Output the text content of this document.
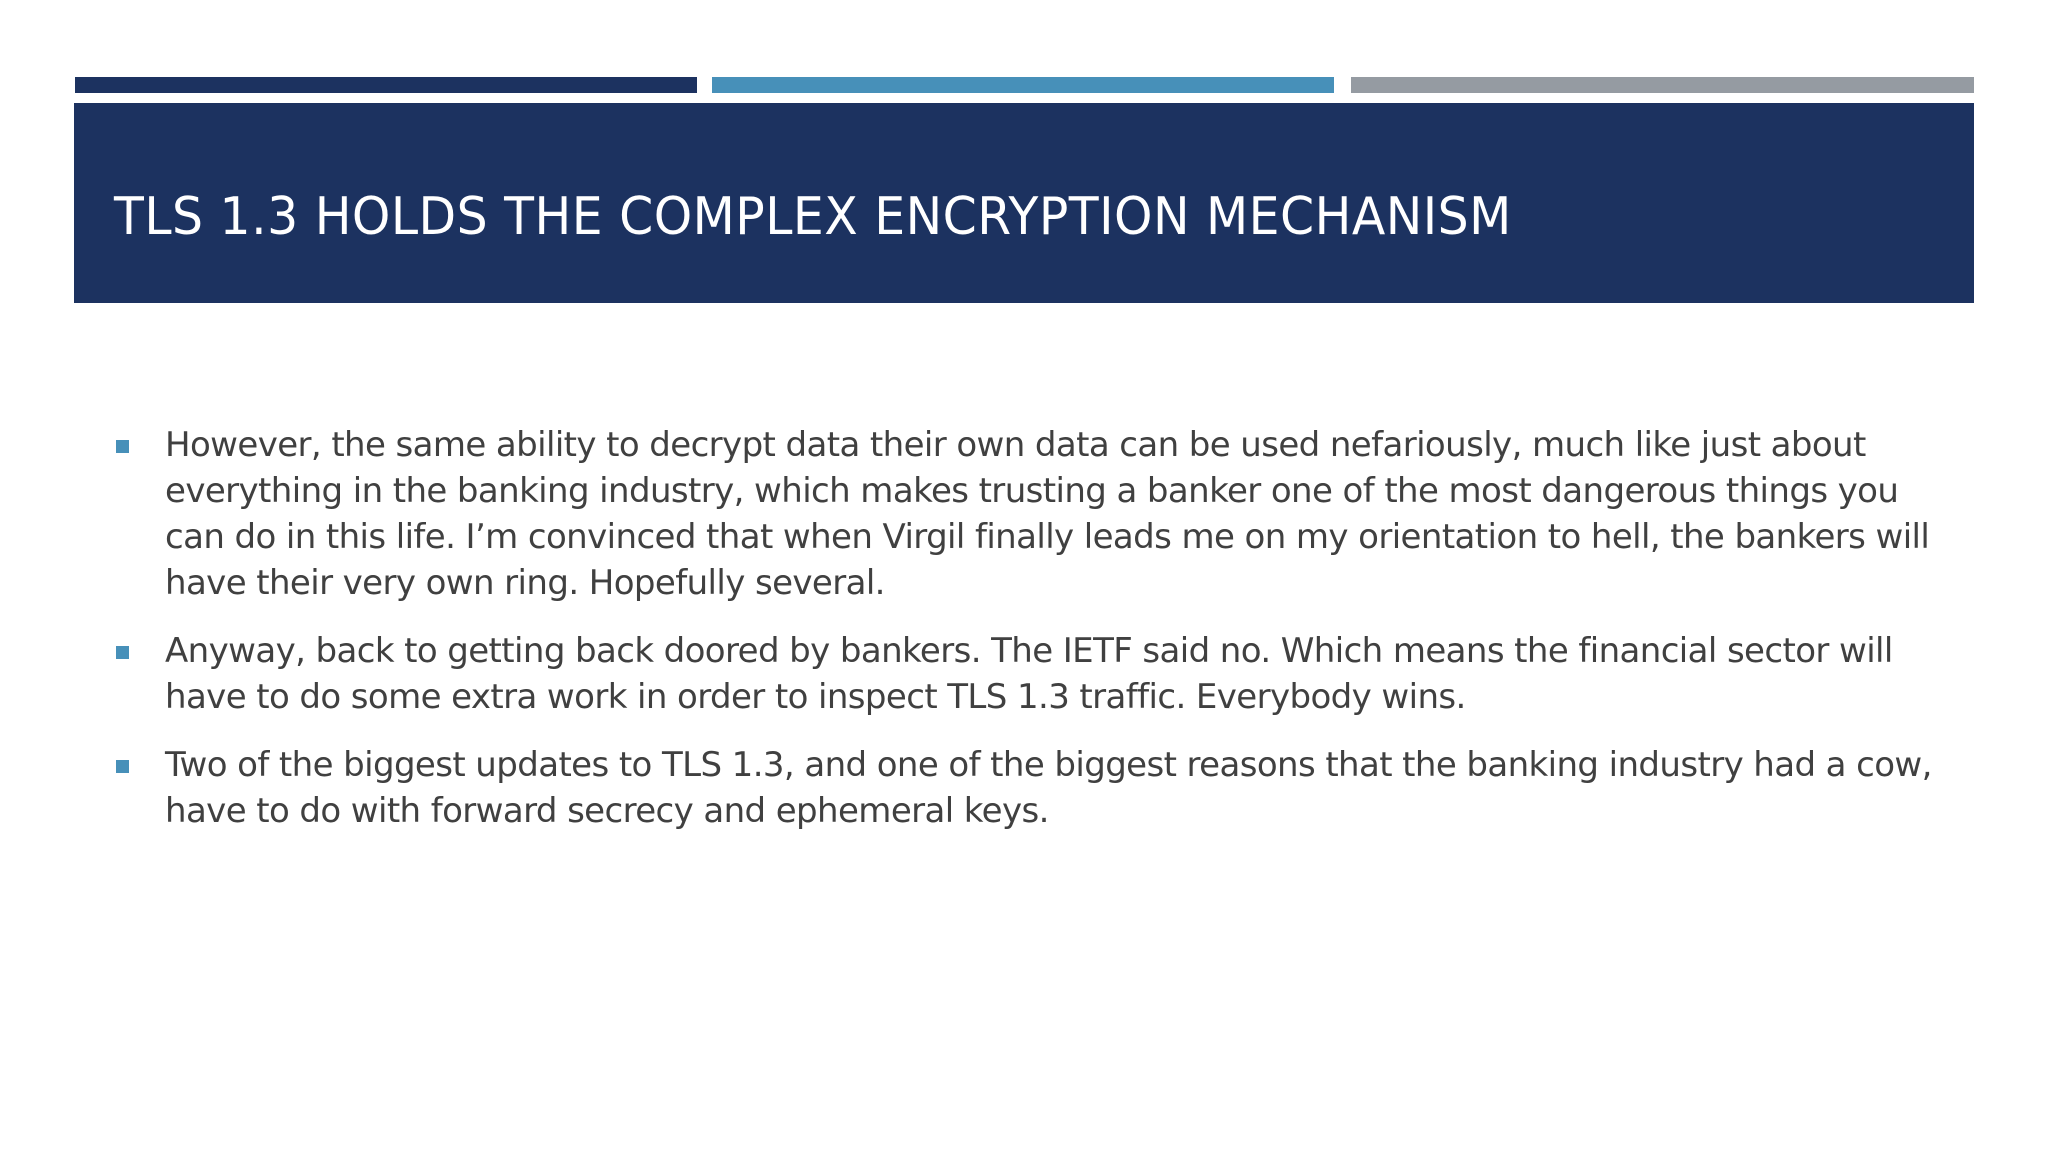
TLS 1.3 HOLDS THE COMPLEX ENCRYPTION MECHANISM
However, the same ability to decrypt data their own data can be used nefariously, much like just about everything in the banking industry, which makes trusting a banker one of the most dangerous things you can do in this life. I’m convinced that when Virgil finally leads me on my orientation to hell, the bankers will have their very own ring. Hopefully several.
Anyway, back to getting back doored by bankers. The IETF said no. Which means the financial sector will have to do some extra work in order to inspect TLS 1.3 traffic. Everybody wins.
Two of the biggest updates to TLS 1.3, and one of the biggest reasons that the banking industry had a cow, have to do with forward secrecy and ephemeral keys.
